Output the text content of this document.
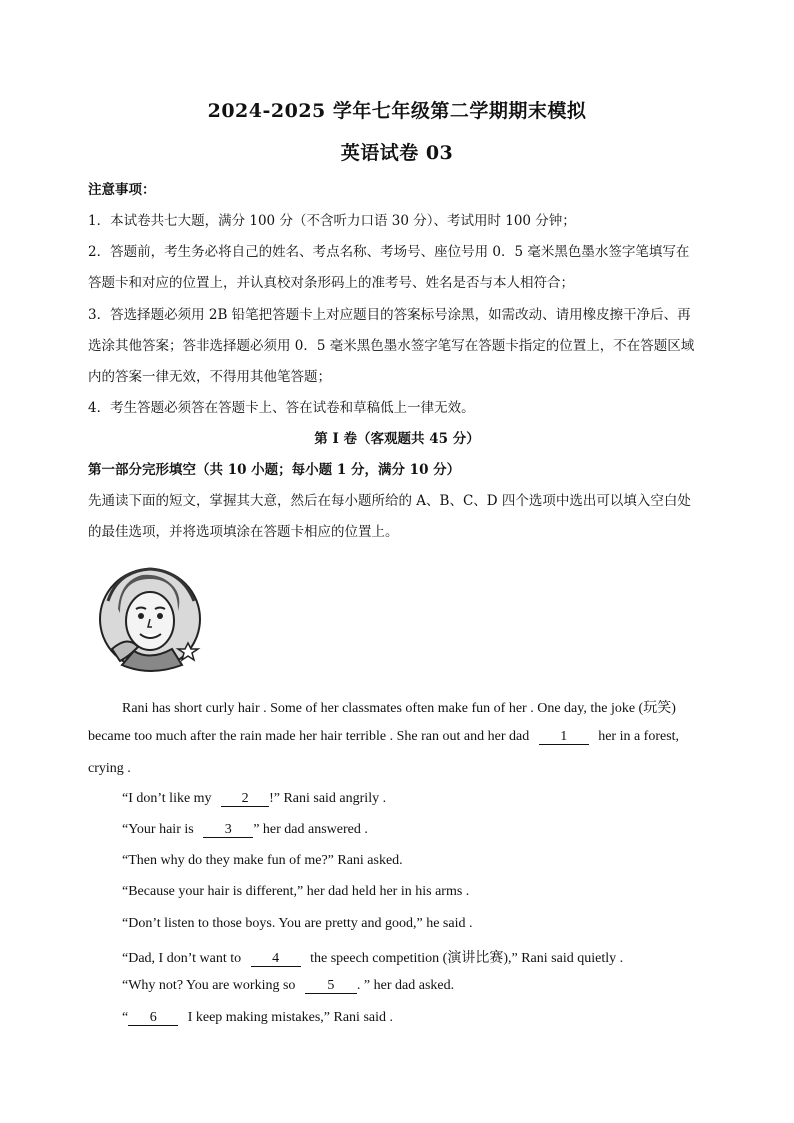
2024-2025 学年七年级第二学期期末模拟
英语试卷 03
注意事项：
1．本试卷共七大题，满分 100 分（不含听力口语 30 分）、考试用时 100 分钟；
2．答题前，考生务必将自己的姓名、考点名称、考场号、座位号用 0．5 毫米黑色墨水签字笔填写在
答题卡和对应的位置上，并认真校对条形码上的准考号、姓名是否与本人相符合；
3．答选择题必须用 2B 铅笔把答题卡上对应题目的答案标号涂黑，如需改动、请用橡皮擦干净后、再
选涂其他答案；答非选择题必须用 0．5 毫米黑色墨水签字笔写在答题卡指定的位置上，不在答题区域
内的答案一律无效，不得用其他笔答题；
4．考生答题必须答在答题卡上、答在试卷和草稿低上一律无效。
第 I 卷（客观题共 45 分）
第一部分完形填空（共 10 小题；每小题 1 分，满分 10 分）
先通读下面的短文，掌握其大意，然后在每小题所给的 A、B、C、D 四个选项中选出可以填入空白处
的最佳选项，并将选项填涂在答题卡相应的位置上。
Rani has short curly hair . Some of her classmates often make fun of her . One day, the joke (玩笑)
became too much after the rain made her hair terrible . She ran out and her dad 1 her in a forest,
crying .
“I don’t like my 2 !” Rani said angrily .
“Your hair is 3 ” her dad answered .
“Then why do they make fun of me?” Rani asked.
“Because your hair is different,” her dad held her in his arms .
“Don’t listen to those boys. You are pretty and good,” he said .
“Dad, I don’t want to 4 the speech competition (演讲比赛),” Rani said quietly .
“Why not? You are working so 5 . ” her dad asked.
“ 6 I keep making mistakes,” Rani said .
